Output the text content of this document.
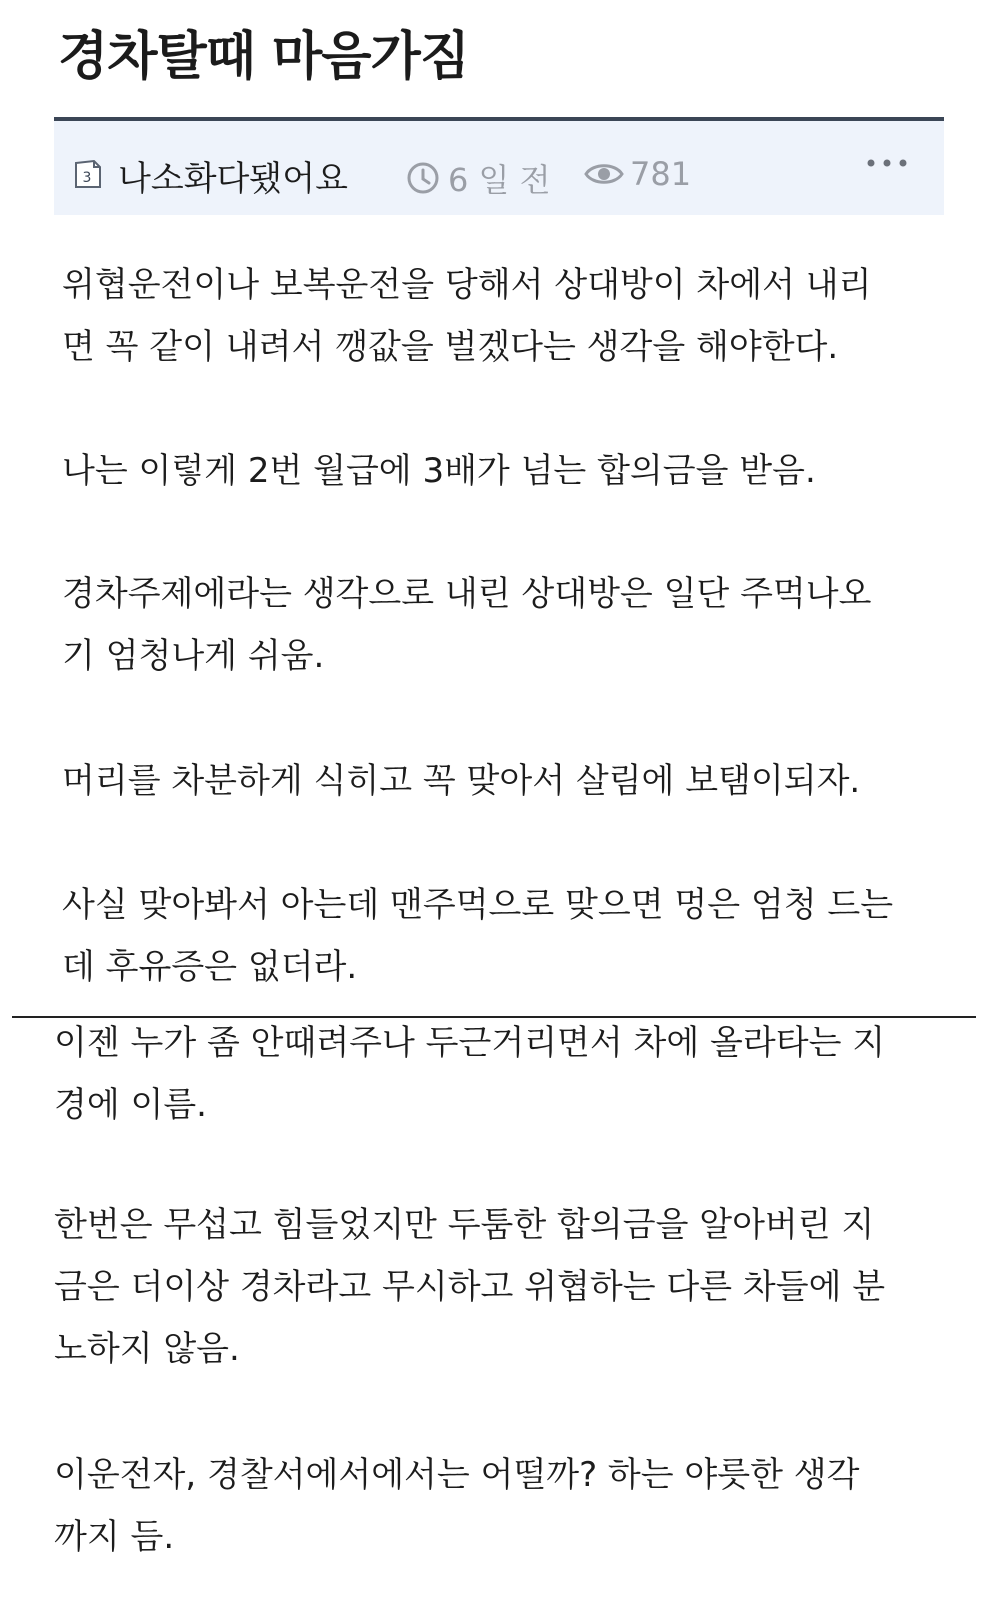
경차탈때 마음가짐
3 나소화다됐어요	6 일 전 781
위협운전이나 보복운전을 당해서 상대방이 차에서 내리
면 꼭 같이 내려서 깽값을 벌겠다는 생각을 해야한다.
나는 이렇게 2번 월급에 3배가 넘는 합의금을 받음.
경차주제에라는 생각으로 내린 상대방은 일단 주먹나오
기 엄청나게 쉬움.
머리를 차분하게 식히고 꼭 맞아서 살림에 보탬이되자.
사실 맞아봐서 아는데 맨주먹으로 맞으면 멍은 엄청 드는
데 후유증은 없더라.
이젠 누가 좀 안때려주나 두근거리면서 차에 올라타는 지
경에 이름.
한번은 무섭고 힘들었지만 두툼한 합의금을 알아버린 지
금은 더이상 경차라고 무시하고 위협하는 다른 차들에 분
노하지 않음.
이운전자, 경찰서에서에서는 어떨까? 하는 야릇한 생각
까지 듬.
